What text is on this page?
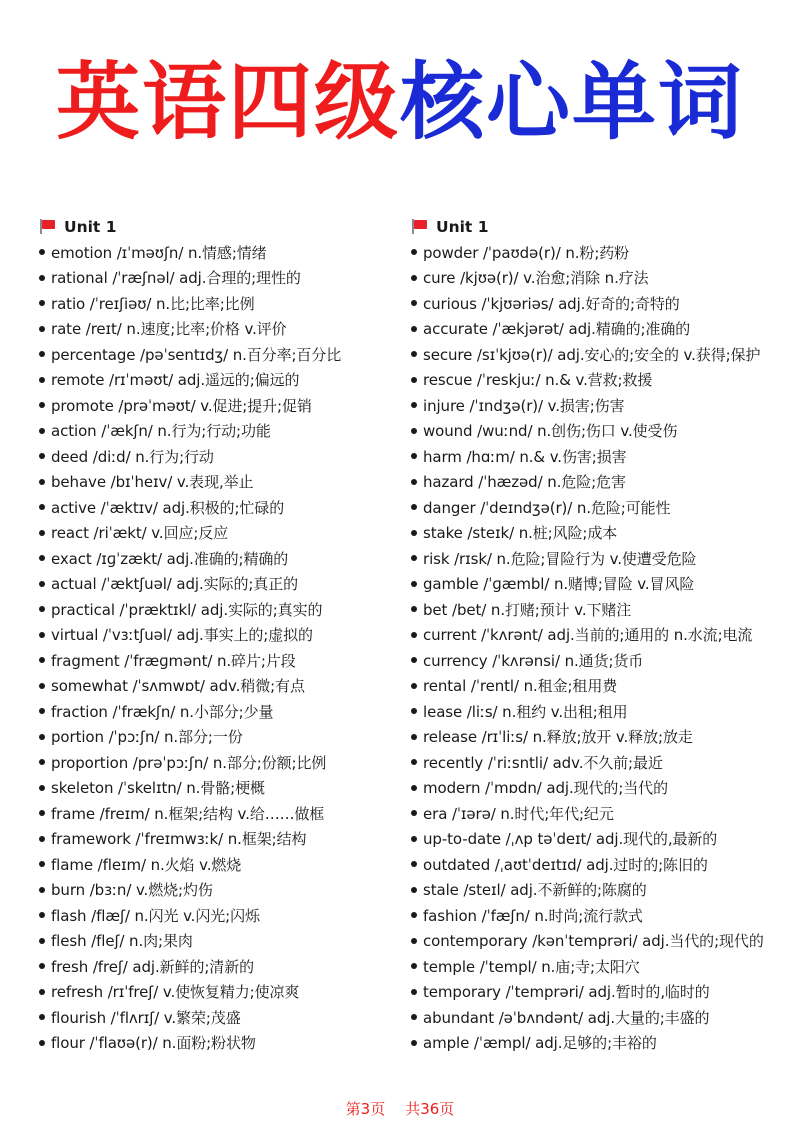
英语四级核心单词
Unit 1
emotion /ɪˈməʊʃn/ n.情感;情绪
rational /ˈræʃnəl/ adj.合理的;理性的
ratio /ˈreɪʃiəʊ/ n.比;比率;比例
rate /reɪt/ n.速度;比率;价格 v.评价
percentage /pəˈsentɪdʒ/ n.百分率;百分比
remote /rɪˈməʊt/ adj.遥远的;偏远的
promote /prəˈməʊt/ v.促进;提升;促销
action /ˈækʃn/ n.行为;行动;功能
deed /diːd/ n.行为;行动
behave /bɪˈheɪv/ v.表现,举止
active /ˈæktɪv/ adj.积极的;忙碌的
react /riˈækt/ v.回应;反应
exact /ɪɡˈzækt/ adj.准确的;精确的
actual /ˈæktʃuəl/ adj.实际的;真正的
practical /ˈpræktɪkl/ adj.实际的;真实的
virtual /ˈvɜːtʃuəl/ adj.事实上的;虚拟的
fragment /ˈfræɡmənt/ n.碎片;片段
somewhat /ˈsʌmwɒt/ adv.稍微;有点
fraction /ˈfrækʃn/ n.小部分;少量
portion /ˈpɔːʃn/ n.部分;一份
proportion /prəˈpɔːʃn/ n.部分;份额;比例
skeleton /ˈskelɪtn/ n.骨骼;梗概
frame /freɪm/ n.框架;结构 v.给……做框
framework /ˈfreɪmwɜːk/ n.框架;结构
flame /fleɪm/ n.火焰 v.燃烧
burn /bɜːn/ v.燃烧;灼伤
flash /flæʃ/ n.闪光 v.闪光;闪烁
flesh /fleʃ/ n.肉;果肉
fresh /freʃ/ adj.新鲜的;清新的
refresh /rɪˈfreʃ/ v.使恢复精力;使凉爽
flourish /ˈflʌrɪʃ/ v.繁荣;茂盛
flour /ˈflaʊə(r)/ n.面粉;粉状物
Unit 1
powder /ˈpaʊdə(r)/ n.粉;药粉
cure /kjʊə(r)/ v.治愈;消除 n.疗法
curious /ˈkjʊəriəs/ adj.好奇的;奇特的
accurate /ˈækjərət/ adj.精确的;准确的
secure /sɪˈkjʊə(r)/ adj.安心的;安全的 v.获得;保护
rescue /ˈreskjuː/ n.& v.营救;救援
injure /ˈɪndʒə(r)/ v.损害;伤害
wound /wuːnd/ n.创伤;伤口 v.使受伤
harm /hɑːm/ n.& v.伤害;损害
hazard /ˈhæzəd/ n.危险;危害
danger /ˈdeɪndʒə(r)/ n.危险;可能性
stake /steɪk/ n.桩;风险;成本
risk /rɪsk/ n.危险;冒险行为 v.使遭受危险
gamble /ˈɡæmbl/ n.赌博;冒险 v.冒风险
bet /bet/ n.打赌;预计 v.下赌注
current /ˈkʌrənt/ adj.当前的;通用的 n.水流;电流
currency /ˈkʌrənsi/ n.通货;货币
rental /ˈrentl/ n.租金;租用费
lease /liːs/ n.租约 v.出租;租用
release /rɪˈliːs/ n.释放;放开 v.释放;放走
recently /ˈriːsntli/ adv.不久前;最近
modern /ˈmɒdn/ adj.现代的;当代的
era /ˈɪərə/ n.时代;年代;纪元
up-to-date /ˌʌp təˈdeɪt/ adj.现代的,最新的
outdated /ˌaʊtˈdeɪtɪd/ adj.过时的;陈旧的
stale /steɪl/ adj.不新鲜的;陈腐的
fashion /ˈfæʃn/ n.时尚;流行款式
contemporary /kənˈtemprəri/ adj.当代的;现代的
temple /ˈtempl/ n.庙;寺;太阳穴
temporary /ˈtemprəri/ adj.暂时的,临时的
abundant /əˈbʌndənt/ adj.大量的;丰盛的
ample /ˈæmpl/ adj.足够的;丰裕的
第3页 共36页
